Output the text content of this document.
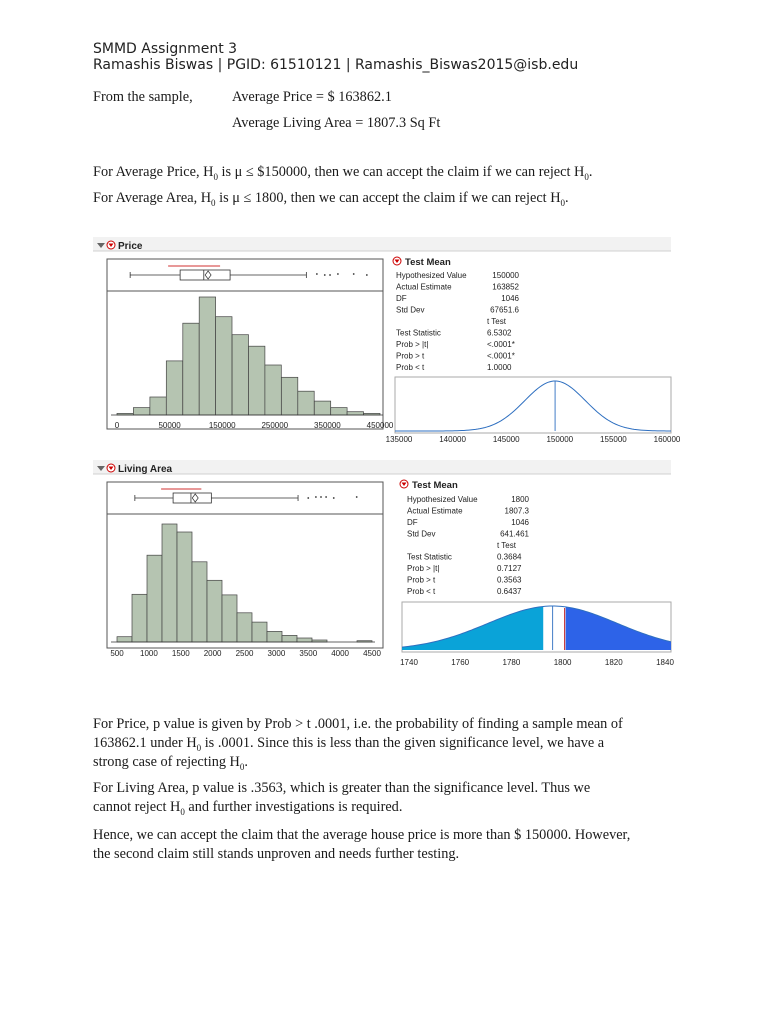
SMMD Assignment 3
Ramashis Biswas | PGID: 61510121 | Ramashis_Biswas2015@isb.edu
From the sample,	Average Price = $ 163862.1
Average Living Area = 1807.3 Sq Ft
For Average Price, $H_0$ is μ ≤ $150000, then we can accept the claim if we can reject $H_0$.
For Average Area, $H_0$ is μ ≤ 1800, then we can accept the claim if we can reject $H_0$.
Price
0	50000	150000	250000	350000	450000
Test Mean
Hypothesized Value	150000
Actual Estimate	163852
DF	1046
Std Dev	67651.6
t Test
Test Statistic	6.5302
Prob > |t|	<.0001*
Prob > t	<.0001*
Prob < t	1.0000
135000	140000	145000	150000	155000	160000
Living Area
500 1000 1500 2000 2500 3000 3500 4000 4500
Test Mean
Hypothesized Value	1800
Actual Estimate	1807.3
DF	1046
Std Dev	641.461
t Test
Test Statistic	0.3684
Prob > |t|	0.7127
Prob > t	0.3563
Prob < t	0.6437
1740	1760	1780	1800	1820	1840
For Price, p value is given by Prob > t .0001, i.e. the probability of finding a sample mean of
163862.1 under $H_0$ is .0001. Since this is less than the given significance level, we have a
strong case of rejecting $H_0$.
For Living Area, p value is .3563, which is greater than the significance level. Thus we
cannot reject $H_0$ and further investigations is required.
Hence, we can accept the claim that the average house price is more than $ 150000. However,
the second claim still stands unproven and needs further testing.
